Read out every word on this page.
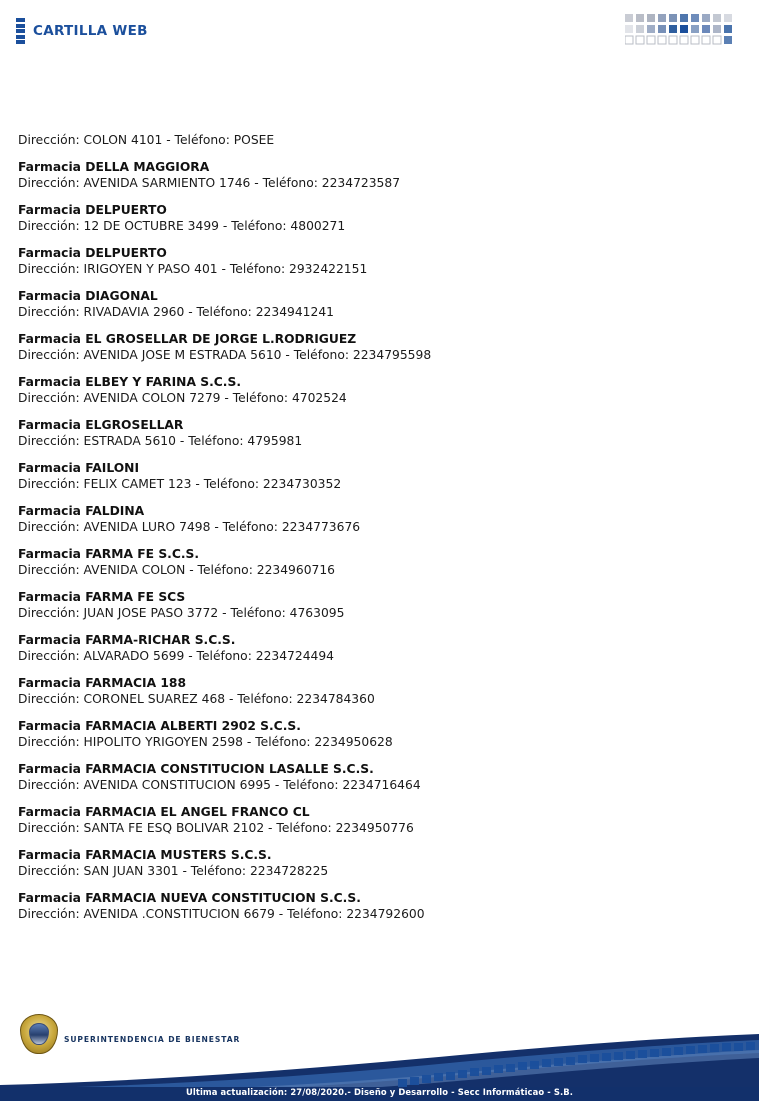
CARTILLA WEB
Dirección: COLON 4101 - Teléfono: POSEE
Farmacia DELLA MAGGIORA
Dirección: AVENIDA SARMIENTO 1746 - Teléfono: 2234723587
Farmacia DELPUERTO
Dirección: 12 DE OCTUBRE 3499 - Teléfono: 4800271
Farmacia DELPUERTO
Dirección: IRIGOYEN Y PASO 401 - Teléfono: 2932422151
Farmacia DIAGONAL
Dirección: RIVADAVIA 2960 - Teléfono: 2234941241
Farmacia EL GROSELLAR DE JORGE L.RODRIGUEZ
Dirección: AVENIDA JOSE M ESTRADA 5610 - Teléfono: 2234795598
Farmacia ELBEY Y FARINA S.C.S.
Dirección: AVENIDA COLON 7279 - Teléfono: 4702524
Farmacia ELGROSELLAR
Dirección: ESTRADA 5610 - Teléfono: 4795981
Farmacia FAILONI
Dirección: FELIX CAMET 123 - Teléfono: 2234730352
Farmacia FALDINA
Dirección: AVENIDA LURO 7498 - Teléfono: 2234773676
Farmacia FARMA FE S.C.S.
Dirección: AVENIDA COLON - Teléfono: 2234960716
Farmacia FARMA FE SCS
Dirección: JUAN JOSE PASO 3772 - Teléfono: 4763095
Farmacia FARMA-RICHAR S.C.S.
Dirección: ALVARADO 5699 - Teléfono: 2234724494
Farmacia FARMACIA 188
Dirección: CORONEL SUAREZ 468 - Teléfono: 2234784360
Farmacia FARMACIA ALBERTI 2902 S.C.S.
Dirección: HIPOLITO YRIGOYEN 2598 - Teléfono: 2234950628
Farmacia FARMACIA CONSTITUCION LASALLE S.C.S.
Dirección: AVENIDA CONSTITUCION 6995 - Teléfono: 2234716464
Farmacia FARMACIA EL ANGEL FRANCO CL
Dirección: SANTA FE ESQ BOLIVAR 2102 - Teléfono: 2234950776
Farmacia FARMACIA MUSTERS S.C.S.
Dirección: SAN JUAN 3301 - Teléfono: 2234728225
Farmacia FARMACIA NUEVA CONSTITUCION S.C.S.
Dirección: AVENIDA .CONSTITUCION 6679 - Teléfono: 2234792600
SUPERINTENDENCIA DE BIENESTAR
Ultima actualización: 27/08/2020.- Diseño y Desarrollo - Secc Informáticao - S.B.
